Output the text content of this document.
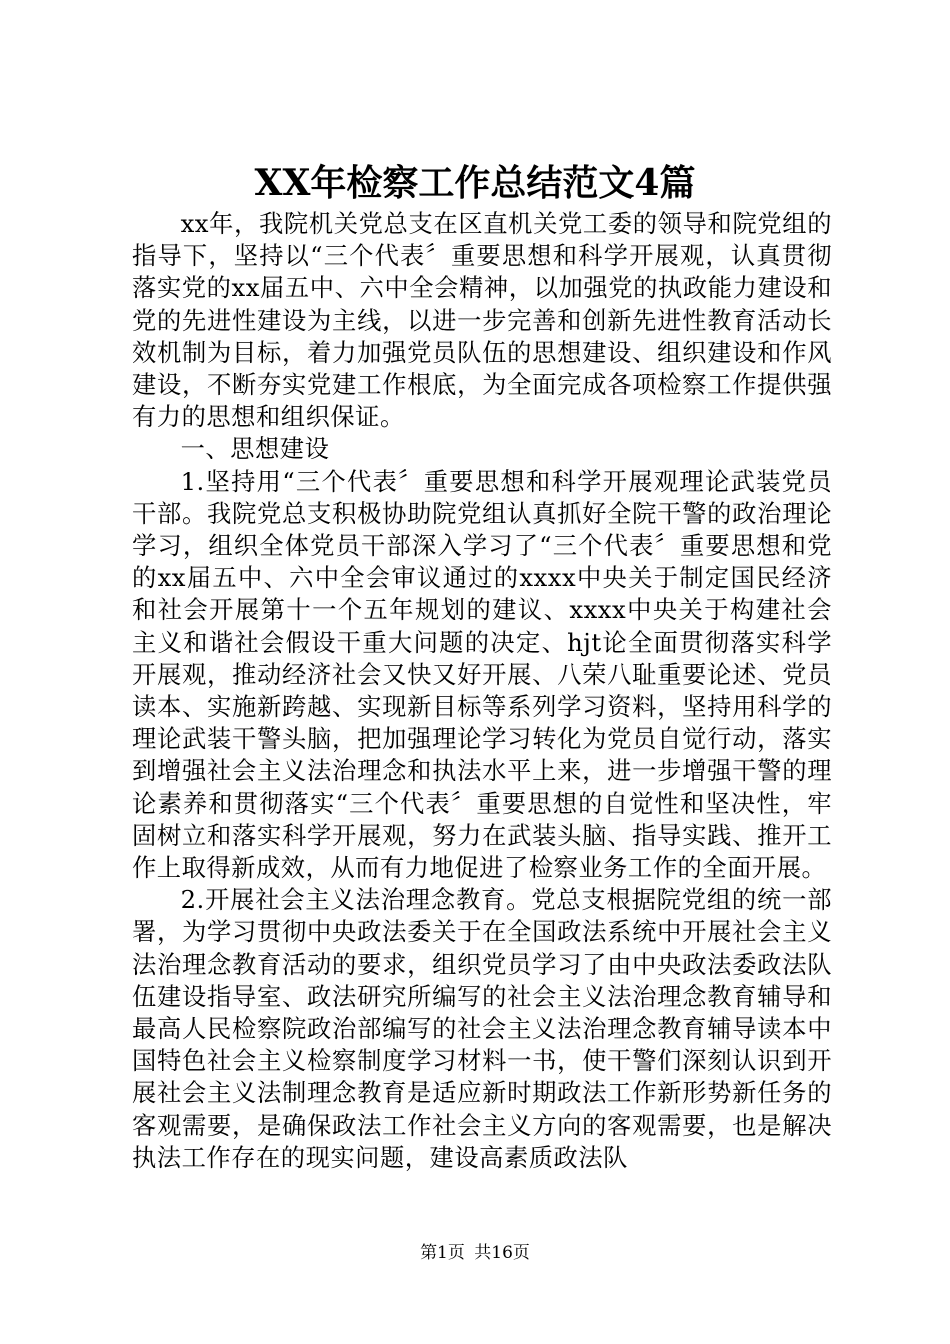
XX年检察工作总结范文4篇

xx年，我院机关党总支在区直机关党工委的领导和院党组的指导下，坚持以“三个代表〞重要思想和科学开展观，认真贯彻落实党的xx届五中、六中全会精神，以加强党的执政能力建设和党的先进性建设为主线，以进一步完善和创新先进性教育活动长效机制为目标，着力加强党员队伍的思想建设、组织建设和作风建设，不断夯实党建工作根底，为全面完成各项检察工作提供强有力的思想和组织保证。

一、思想建设

1.坚持用“三个代表〞重要思想和科学开展观理论武装党员干部。我院党总支积极协助院党组认真抓好全院干警的政治理论学习，组织全体党员干部深入学习了“三个代表〞重要思想和党的xx届五中、六中全会审议通过的xxxx中央关于制定国民经济和社会开展第十一个五年规划的建议、xxxx中央关于构建社会主义和谐社会假设干重大问题的决定、hjt论全面贯彻落实科学开展观，推动经济社会又快又好开展、八荣八耻重要论述、党员读本、实施新跨越、实现新目标等系列学习资料，坚持用科学的理论武装干警头脑，把加强理论学习转化为党员自觉行动，落实到增强社会主义法治理念和执法水平上来，进一步增强干警的理论素养和贯彻落实“三个代表〞重要思想的自觉性和坚决性，牢固树立和落实科学开展观，努力在武装头脑、指导实践、推开工作上取得新成效，从而有力地促进了检察业务工作的全面开展。

2.开展社会主义法治理念教育。党总支根据院党组的统一部署，为学习贯彻中央政法委关于在全国政法系统中开展社会主义法治理念教育活动的要求，组织党员学习了由中央政法委政法队伍建设指导室、政法研究所编写的社会主义法治理念教育辅导和最高人民检察院政治部编写的社会主义法治理念教育辅导读本中国特色社会主义检察制度学习材料一书，使干警们深刻认识到开展社会主义法制理念教育是适应新时期政法工作新形势新任务的客观需要，是确保政法工作社会主义方向的客观需要，也是解决执法工作存在的现实问题，建设高素质政法队

第1页 共16页
